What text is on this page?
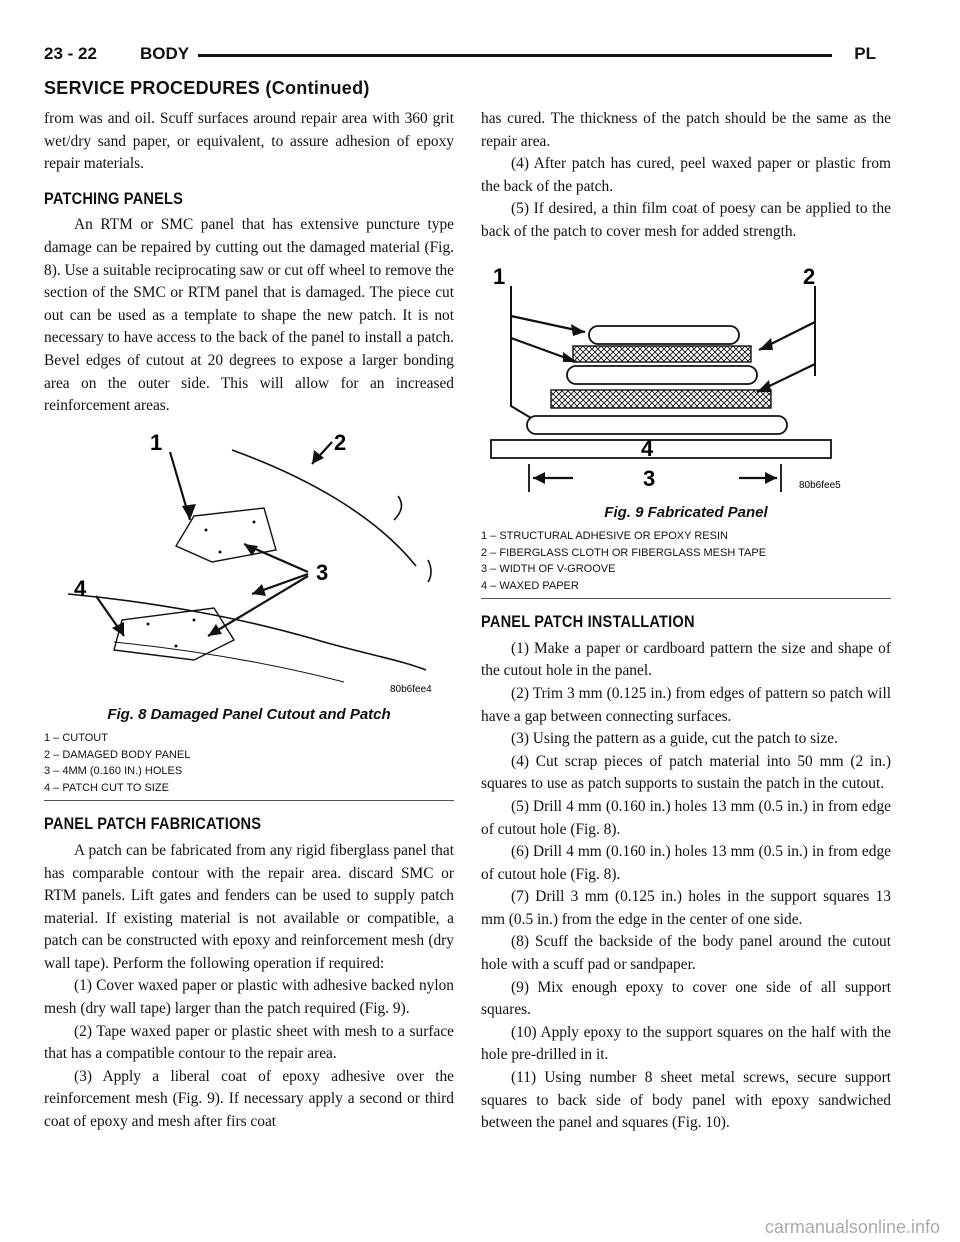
23 - 22	BODY	PL
SERVICE PROCEDURES (Continued)

from was and oil. Scuff surfaces around repair area with 360 grit wet/dry sand paper, or equivalent, to assure adhesion of epoxy repair materials.

PATCHING PANELS

An RTM or SMC panel that has extensive puncture type damage can be repaired by cutting out the damaged material (Fig. 8). Use a suitable reciprocating saw or cut off wheel to remove the section of the SMC or RTM panel that is damaged. The piece cut out can be used as a template to shape the new patch. It is not necessary to have access to the back of the panel to install a patch. Bevel edges of cutout at 20 degrees to expose a larger bonding area on the outer side. This will allow for an increased reinforcement areas.

1	2
3
4
80b6fee4
Fig. 8 Damaged Panel Cutout and Patch
1 – CUTOUT
2 – DAMAGED BODY PANEL
3 – 4MM (0.160 IN.) HOLES
4 – PATCH CUT TO SIZE
PANEL PATCH FABRICATIONS

A patch can be fabricated from any rigid fiberglass panel that has comparable contour with the repair area. discard SMC or RTM panels. Lift gates and fenders can be used to supply patch material. If existing material is not available or compatible, a patch can be constructed with epoxy and reinforcement mesh (dry wall tape). Perform the following operation if required:

(1) Cover waxed paper or plastic with adhesive backed nylon mesh (dry wall tape) larger than the patch required (Fig. 9).

(2) Tape waxed paper or plastic sheet with mesh to a surface that has a compatible contour to the repair area.

(3) Apply a liberal coat of epoxy adhesive over the reinforcement mesh (Fig. 9). If necessary apply a second or third coat of epoxy and mesh after firs coat

has cured. The thickness of the patch should be the same as the repair area.

(4) After patch has cured, peel waxed paper or plastic from the back of the patch.

(5) If desired, a thin film coat of poesy can be applied to the back of the patch to cover mesh for added strength.

1	2
4
3	80b6fee5
Fig. 9 Fabricated Panel
1 – STRUCTURAL ADHESIVE OR EPOXY RESIN
2 – FIBERGLASS CLOTH OR FIBERGLASS MESH TAPE
3 – WIDTH OF V-GROOVE
4 – WAXED PAPER
PANEL PATCH INSTALLATION

(1) Make a paper or cardboard pattern the size and shape of the cutout hole in the panel.

(2) Trim 3 mm (0.125 in.) from edges of pattern so patch will have a gap between connecting surfaces.

(3) Using the pattern as a guide, cut the patch to size.

(4) Cut scrap pieces of patch material into 50 mm (2 in.) squares to use as patch supports to sustain the patch in the cutout.

(5) Drill 4 mm (0.160 in.) holes 13 mm (0.5 in.) in from edge of cutout hole (Fig. 8).

(6) Drill 4 mm (0.160 in.) holes 13 mm (0.5 in.) in from edge of cutout hole (Fig. 8).

(7) Drill 3 mm (0.125 in.) holes in the support squares 13 mm (0.5 in.) from the edge in the center of one side.

(8) Scuff the backside of the body panel around the cutout hole with a scuff pad or sandpaper.

(9) Mix enough epoxy to cover one side of all support squares.

(10) Apply epoxy to the support squares on the half with the hole pre-drilled in it.

(11) Using number 8 sheet metal screws, secure support squares to back side of body panel with epoxy sandwiched between the panel and squares (Fig. 10).

carmanualsonline.info
